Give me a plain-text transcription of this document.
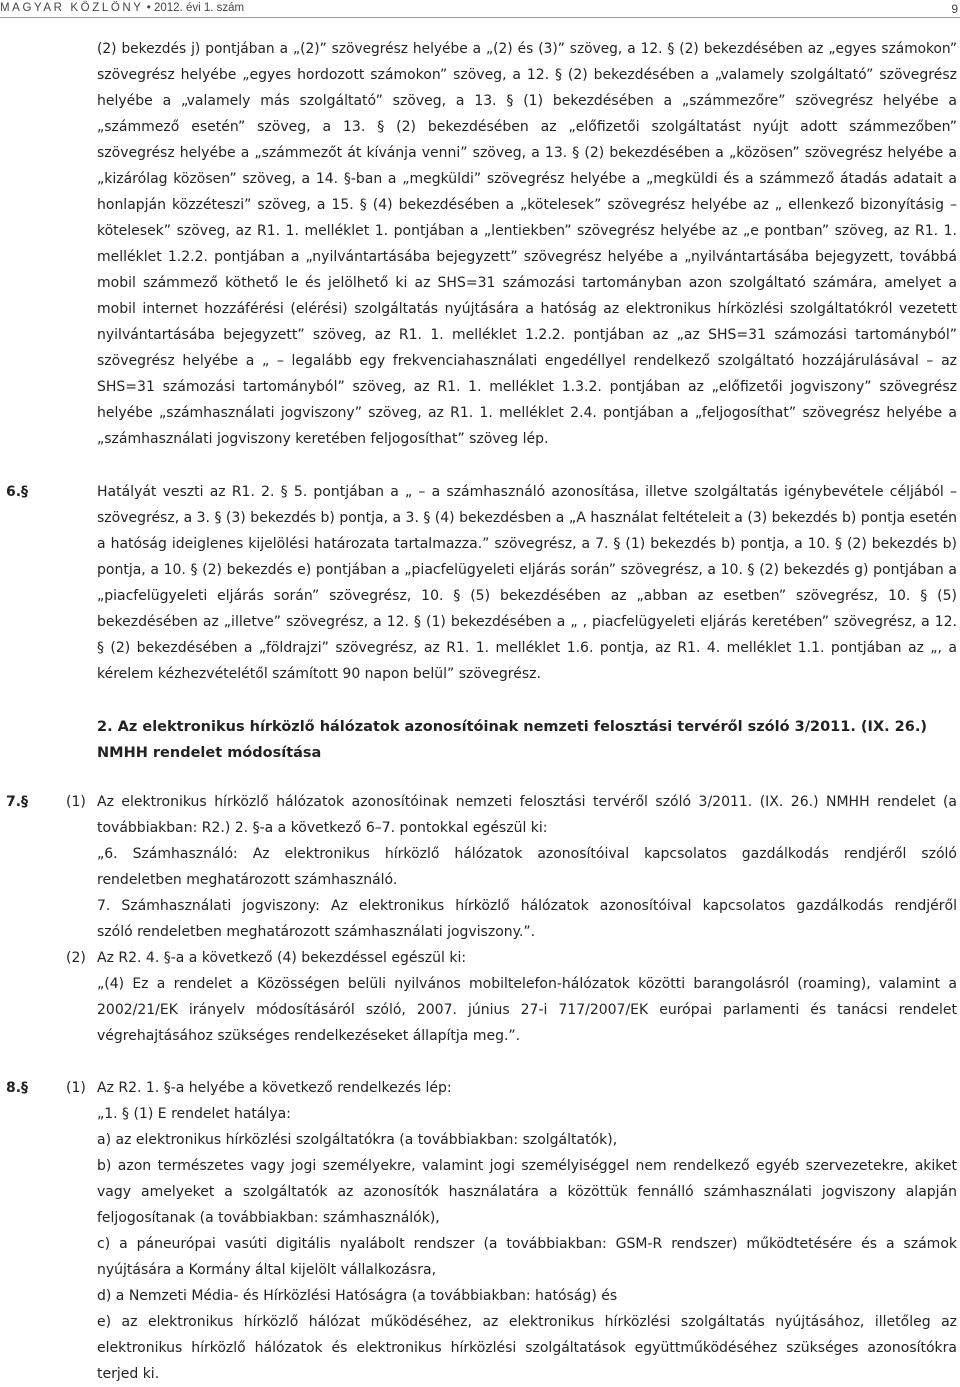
MAGYAR KÖZLÖNY • 2012. évi 1. szám	9
(2) bekezdés j) pontjában a „(2)” szövegrész helyébe a „(2) és (3)” szöveg, a 12. § (2) bekezdésében az „egyes számokon”
szövegrész helyébe „egyes hordozott számokon” szöveg, a 12. § (2) bekezdésében a „valamely szolgáltató” szövegrész
helyébe a „valamely más szolgáltató” szöveg, a 13. § (1) bekezdésében a „számmezőre” szövegrész helyébe a
„számmező esetén” szöveg, a 13. § (2) bekezdésében az „előfizetői szolgáltatást nyújt adott számmezőben”
szövegrész helyébe a „számmezőt át kívánja venni” szöveg, a 13. § (2) bekezdésében a „közösen” szövegrész helyébe a
„kizárólag közösen” szöveg, a 14. §-ban a „megküldi” szövegrész helyébe a „megküldi és a számmező átadás adatait a
honlapján közzéteszi” szöveg, a 15. § (4) bekezdésében a „kötelesek” szövegrész helyébe az „ ellenkező bizonyításig –
kötelesek” szöveg, az R1. 1. melléklet 1. pontjában a „lentiekben” szövegrész helyébe az „e pontban” szöveg, az R1. 1.
melléklet 1.2.2. pontjában a „nyilvántartásába bejegyzett” szövegrész helyébe a „nyilvántartásába bejegyzett, továbbá
mobil számmező köthető le és jelölhető ki az SHS=31 számozási tartományban azon szolgáltató számára, amelyet a
mobil internet hozzáférési (elérési) szolgáltatás nyújtására a hatóság az elektronikus hírközlési szolgáltatókról vezetett
nyilvántartásába bejegyzett” szöveg, az R1. 1. melléklet 1.2.2. pontjában az „az SHS=31 számozási tartományból”
szövegrész helyébe a „ – legalább egy frekvenciahasználati engedéllyel rendelkező szolgáltató hozzájárulásával – az
SHS=31 számozási tartományból” szöveg, az R1. 1. melléklet 1.3.2. pontjában az „előfizetői jogviszony” szövegrész
helyébe „számhasználati jogviszony” szöveg, az R1. 1. melléklet 2.4. pontjában a „feljogosíthat” szövegrész helyébe a
„számhasználati jogviszony keretében feljogosíthat” szöveg lép.
6. §	Hatályát veszti az R1. 2. § 5. pontjában a „ – a számhasználó azonosítása, illetve szolgáltatás igénybevétele céljából –
szövegrész, a 3. § (3) bekezdés b) pontja, a 3. § (4) bekezdésben a „A használat feltételeit a (3) bekezdés b) pontja esetén
a hatóság ideiglenes kijelölési határozata tartalmazza.” szövegrész, a 7. § (1) bekezdés b) pontja, a 10. § (2) bekezdés b)
pontja, a 10. § (2) bekezdés e) pontjában a „piacfelügyeleti eljárás során” szövegrész, a 10. § (2) bekezdés g) pontjában a
„piacfelügyeleti eljárás során” szövegrész, 10. § (5) bekezdésében az „abban az esetben” szövegrész, 10. § (5)
bekezdésében az „illetve” szövegrész, a 12. § (1) bekezdésében a „ , piacfelügyeleti eljárás keretében” szövegrész, a 12.
§ (2) bekezdésében a „földrajzi” szövegrész, az R1. 1. melléklet 1.6. pontja, az R1. 4. melléklet 1.1. pontjában az „, a
kérelem kézhezvételétől számított 90 napon belül” szövegrész.
2. Az elektronikus hírközlő hálózatok azonosítóinak nemzeti felosztási tervéről szóló 3/2011. (IX. 26.)
NMHH rendelet módosítása
7. §	(1) Az elektronikus hírközlő hálózatok azonosítóinak nemzeti felosztási tervéről szóló 3/2011. (IX. 26.) NMHH rendelet (a
továbbiakban: R2.) 2. §-a a következő 6–7. pontokkal egészül ki:
„6. Számhasználó: Az elektronikus hírközlő hálózatok azonosítóival kapcsolatos gazdálkodás rendjéről szóló
rendeletben meghatározott számhasználó.
7. Számhasználati jogviszony: Az elektronikus hírközlő hálózatok azonosítóival kapcsolatos gazdálkodás rendjéről
szóló rendeletben meghatározott számhasználati jogviszony.”.
(2) Az R2. 4. §-a a következő (4) bekezdéssel egészül ki:
„(4) Ez a rendelet a Közösségen belüli nyilvános mobiltelefon-hálózatok közötti barangolásról (roaming), valamint a
2002/21/EK irányelv módosításáról szóló, 2007. június 27-i 717/2007/EK európai parlamenti és tanácsi rendelet
végrehajtásához szükséges rendelkezéseket állapítja meg.”.
8. §	(1) Az R2. 1. §-a helyébe a következő rendelkezés lép:
„1. § (1) E rendelet hatálya:
a) az elektronikus hírközlési szolgáltatókra (a továbbiakban: szolgáltatók),
b) azon természetes vagy jogi személyekre, valamint jogi személyiséggel nem rendelkező egyéb szervezetekre, akiket
vagy amelyeket a szolgáltatók az azonosítók használatára a közöttük fennálló számhasználati jogviszony alapján
feljogosítanak (a továbbiakban: számhasználók),
c) a páneurópai vasúti digitális nyalábolt rendszer (a továbbiakban: GSM-R rendszer) működtetésére és a számok
nyújtására a Kormány által kijelölt vállalkozásra,
d) a Nemzeti Média- és Hírközlési Hatóságra (a továbbiakban: hatóság) és
e) az elektronikus hírközlő hálózat működéséhez, az elektronikus hírközlési szolgáltatás nyújtásához, illetőleg az
elektronikus hírközlő hálózatok és elektronikus hírközlési szolgáltatások együttműködéséhez szükséges azonosítókra
terjed ki.
